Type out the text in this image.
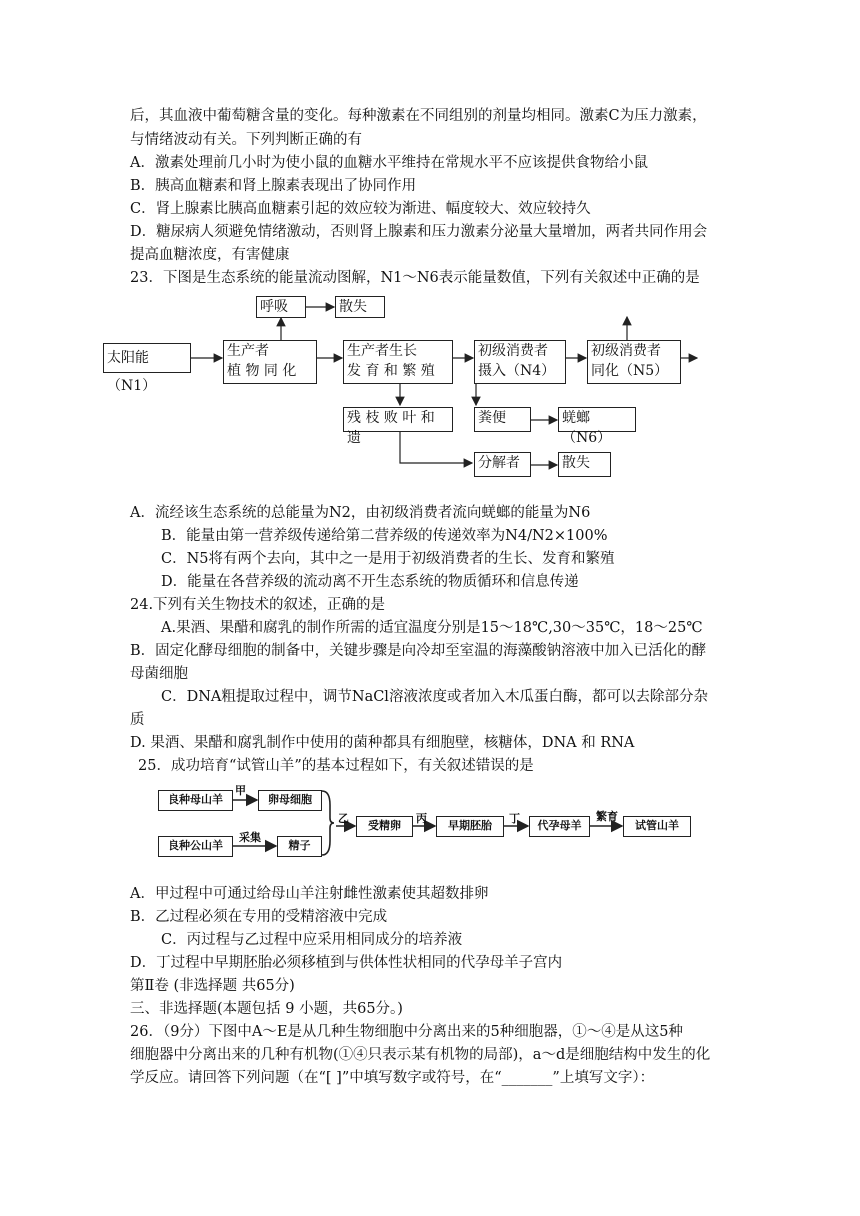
后，其血液中葡萄糖含量的变化。每种激素在不同组别的剂量均相同。激素C为压力激素，
与情绪波动有关。下列判断正确的有
A．激素处理前几小时为使小鼠的血糖水平维持在常规水平不应该提供食物给小鼠
B．胰高血糖素和肾上腺素表现出了协同作用
C．肾上腺素比胰高血糖素引起的效应较为渐进、幅度较大、效应较持久
D．糖尿病人须避免情绪激动，否则肾上腺素和压力激素分泌量大量增加，两者共同作用会
提高血糖浓度，有害健康
23．下图是生态系统的能量流动图解，N1～N6表示能量数值，下列有关叙述中正确的是
呼吸	散失
太阳能（N1）
生产者
植 物 同 化
生产者生长
发 育 和 繁 殖
初级消费者
摄入（N4）
初级消费者
同化（N5）
残 枝 败 叶 和 遗
粪便	蜣螂（N6）
分解者	散失
A．流经该生态系统的总能量为N2，由初级消费者流向蜣螂的能量为N6
B．能量由第一营养级传递给第二营养级的传递效率为N4/N2×100%
C．N5将有两个去向，其中之一是用于初级消费者的生长、发育和繁殖
D．能量在各营养级的流动离不开生态系统的物质循环和信息传递
24.下列有关生物技术的叙述，正确的是
A.果酒、果醋和腐乳的制作所需的适宜温度分别是15～18℃,30～35℃，18～25℃
B．固定化酵母细胞的制备中，关键步骤是向冷却至室温的海藻酸钠溶液中加入已活化的酵
母菌细胞
C．DNA粗提取过程中，调节NaCl溶液浓度或者加入木瓜蛋白酶，都可以去除部分杂
质
D. 果酒、果醋和腐乳制作中使用的菌种都具有细胞壁，核糖体，DNA 和 RNA
25．成功培育“试管山羊”的基本过程如下，有关叙述错误的是
良种母山羊	卵母细胞
良种公山羊	精子
受精卵	早期胚胎	代孕母羊	试管山羊
甲
采集
乙	丙	丁	繁育
A．甲过程中可通过给母山羊注射雌性激素使其超数排卵
B．乙过程必须在专用的受精溶液中完成
C．丙过程与乙过程中应采用相同成分的培养液
D．丁过程中早期胚胎必须移植到与供体性状相同的代孕母羊子宫内
第Ⅱ卷 (非选择题 共65分)
三、非选择题(本题包括 9 小题，共65分。)
26．（9分）下图中A～E是从几种生物细胞中分离出来的5种细胞器，①～④是从这5种
细胞器中分离出来的几种有机物(①④只表示某有机物的局部)，a～d是细胞结构中发生的化
学反应。请回答下列问题（在“[ ]”中填写数字或符号，在“_______”上填写文字）：
